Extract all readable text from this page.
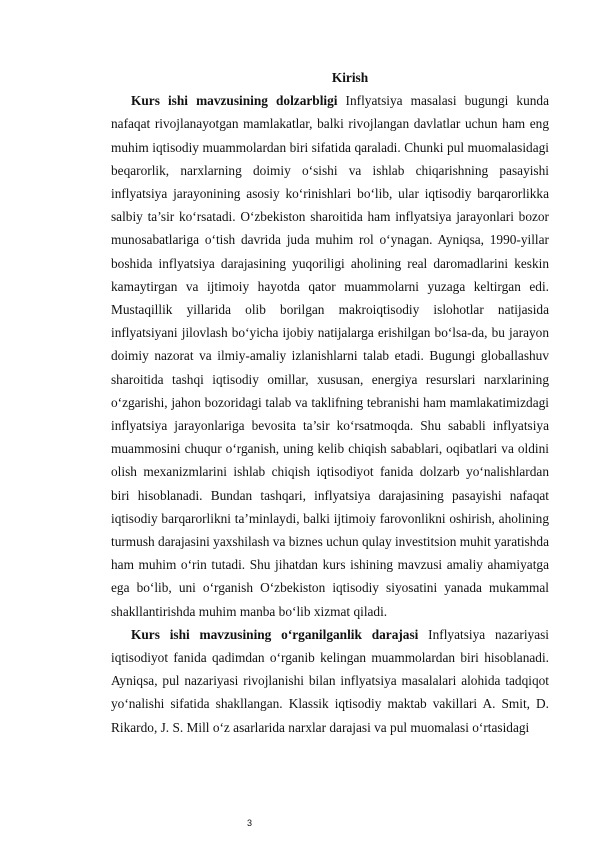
Kirish

  Kurs ishi mavzusining dolzarbligi Inflyatsiya masalasi bugungi kunda nafaqat rivojlanayotgan mamlakatlar, balki rivojlangan davlatlar uchun ham eng muhim iqtisodiy muammolardan biri sifatida qaraladi. Chunki pul muomalasidagi beqarorlik, narxlarning doimiy o‘sishi va ishlab chiqarishning pasayishi inflyatsiya jarayonining asosiy ko‘rinishlari bo‘lib, ular iqtisodiy barqarorlikka salbiy ta’sir ko‘rsatadi. O‘zbekiston sharoitida ham inflyatsiya jarayonlari bozor munosabatlariga o‘tish davrida juda muhim rol o‘ynagan. Ayniqsa, 1990-yillar boshida inflyatsiya darajasining yuqoriligi aholining real daromadlarini keskin kamaytirgan va ijtimoiy hayotda qator muammolarni yuzaga keltirgan edi. Mustaqillik yillarida olib borilgan makroiqtisodiy islohotlar natijasida inflyatsiyani jilovlash bo‘yicha ijobiy natijalarga erishilgan bo‘lsa-da, bu jarayon doimiy nazorat va ilmiy-amaliy izlanishlarni talab etadi. Bugungi globallashuv sharoitida tashqi iqtisodiy omillar, xususan, energiya resurslari narxlarining o‘zgarishi, jahon bozoridagi talab va taklifning tebranishi ham mamlakatimizdagi inflyatsiya jarayonlariga bevosita ta’sir ko‘rsatmoqda. Shu sababli inflyatsiya muammosini chuqur o‘rganish, uning kelib chiqish sabablari, oqibatlari va oldini olish mexanizmlarini ishlab chiqish iqtisodiyot fanida dolzarb yo‘nalishlardan biri hisoblanadi. Bundan tashqari, inflyatsiya darajasining pasayishi nafaqat iqtisodiy barqarorlikni ta’minlaydi, balki ijtimoiy farovonlikni oshirish, aholining turmush darajasini yaxshilash va biznes uchun qulay investitsion muhit yaratishda ham muhim o‘rin tutadi. Shu jihatdan kurs ishining mavzusi amaliy ahamiyatga ega bo‘lib, uni o‘rganish O‘zbekiston iqtisodiy siyosatini yanada mukammal shakllantirishda muhim manba bo‘lib xizmat qiladi.

  Kurs ishi mavzusining o‘rganilganlik darajasi Inflyatsiya nazariyasi iqtisodiyot fanida qadimdan o‘rganib kelingan muammolardan biri hisoblanadi. Ayniqsa, pul nazariyasi rivojlanishi bilan inflyatsiya masalalari alohida tadqiqot yo‘nalishi sifatida shakllangan. Klassik iqtisodiy maktab vakillari A. Smit, D. Rikardo, J. S. Mill o‘z asarlarida narxlar darajasi va pul muomalasi o‘rtasidagi

3
